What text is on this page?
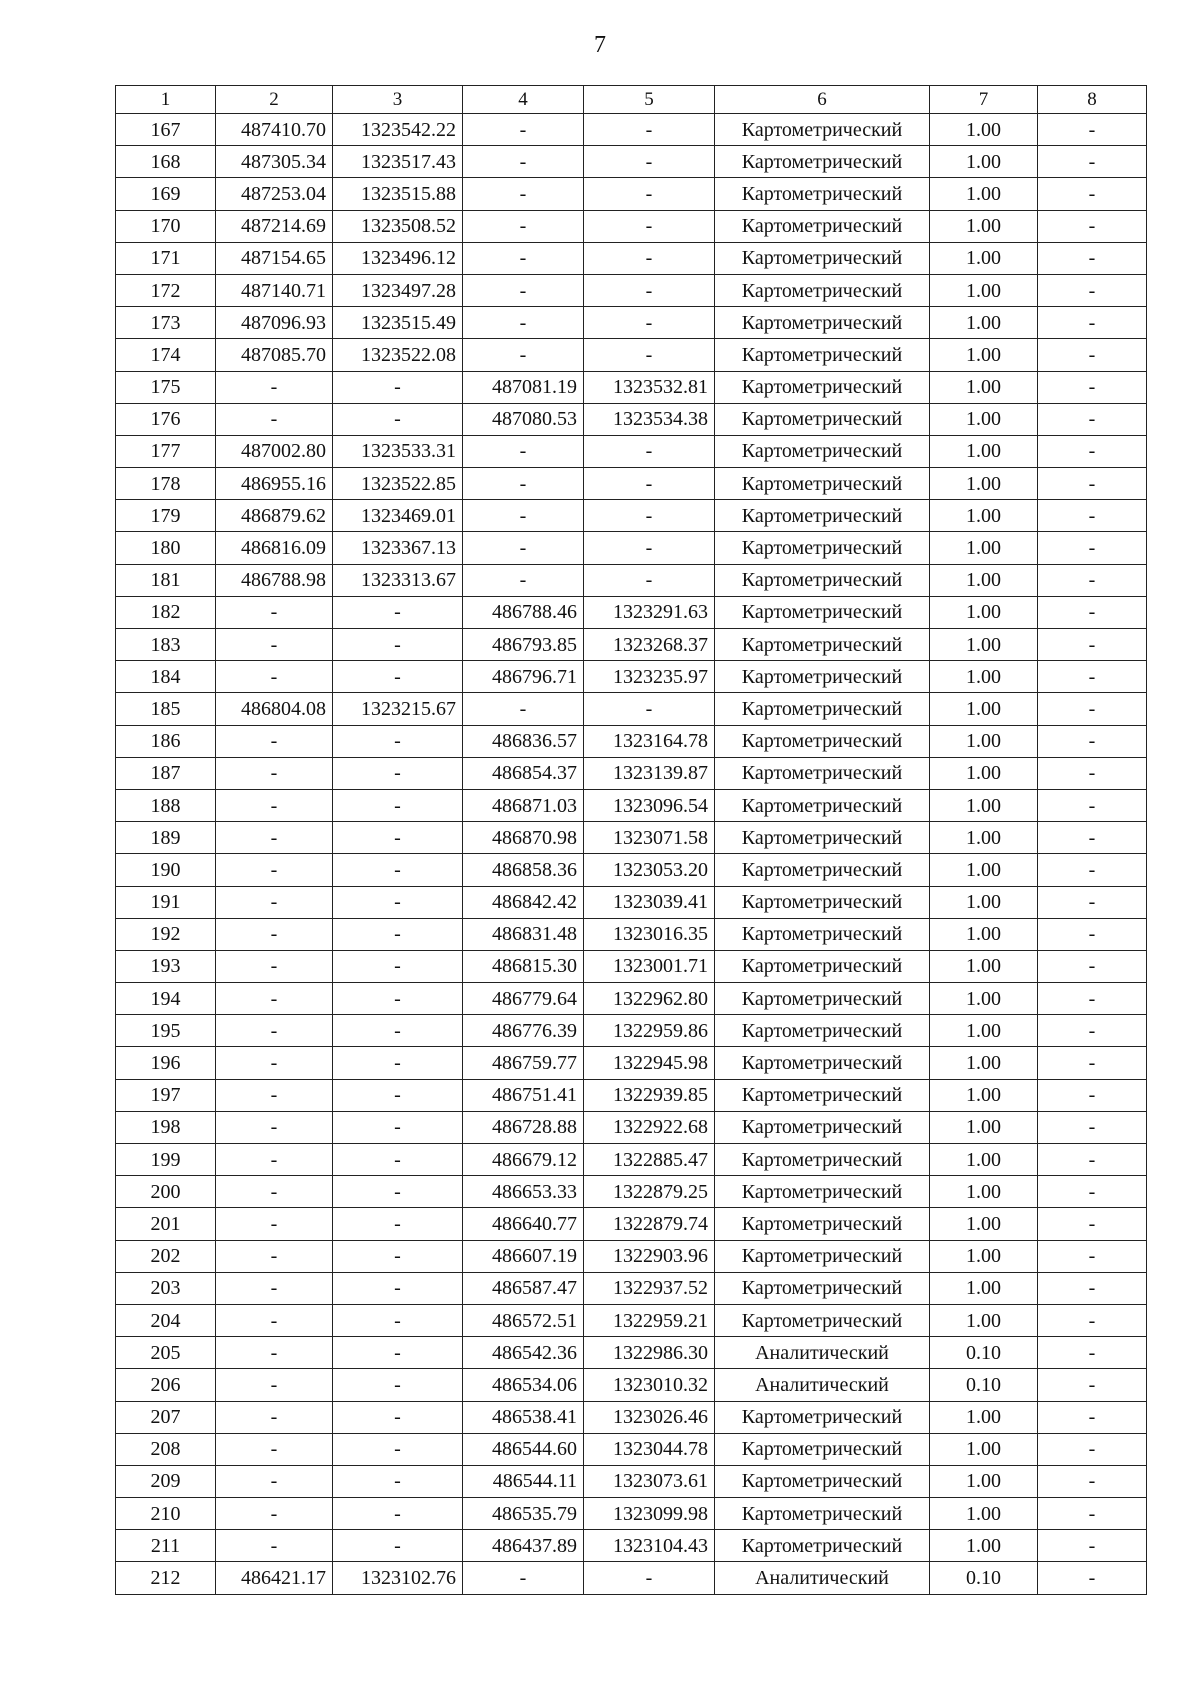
7
1	2	3	4	5	6	7	8
167	487410.70	1323542.22	-	-	Картометрический	1.00	-
168	487305.34	1323517.43	-	-	Картометрический	1.00	-
169	487253.04	1323515.88	-	-	Картометрический	1.00	-
170	487214.69	1323508.52	-	-	Картометрический	1.00	-
171	487154.65	1323496.12	-	-	Картометрический	1.00	-
172	487140.71	1323497.28	-	-	Картометрический	1.00	-
173	487096.93	1323515.49	-	-	Картометрический	1.00	-
174	487085.70	1323522.08	-	-	Картометрический	1.00	-
175	-	-	487081.19	1323532.81	Картометрический	1.00	-
176	-	-	487080.53	1323534.38	Картометрический	1.00	-
177	487002.80	1323533.31	-	-	Картометрический	1.00	-
178	486955.16	1323522.85	-	-	Картометрический	1.00	-
179	486879.62	1323469.01	-	-	Картометрический	1.00	-
180	486816.09	1323367.13	-	-	Картометрический	1.00	-
181	486788.98	1323313.67	-	-	Картометрический	1.00	-
182	-	-	486788.46	1323291.63	Картометрический	1.00	-
183	-	-	486793.85	1323268.37	Картометрический	1.00	-
184	-	-	486796.71	1323235.97	Картометрический	1.00	-
185	486804.08	1323215.67	-	-	Картометрический	1.00	-
186	-	-	486836.57	1323164.78	Картометрический	1.00	-
187	-	-	486854.37	1323139.87	Картометрический	1.00	-
188	-	-	486871.03	1323096.54	Картометрический	1.00	-
189	-	-	486870.98	1323071.58	Картометрический	1.00	-
190	-	-	486858.36	1323053.20	Картометрический	1.00	-
191	-	-	486842.42	1323039.41	Картометрический	1.00	-
192	-	-	486831.48	1323016.35	Картометрический	1.00	-
193	-	-	486815.30	1323001.71	Картометрический	1.00	-
194	-	-	486779.64	1322962.80	Картометрический	1.00	-
195	-	-	486776.39	1322959.86	Картометрический	1.00	-
196	-	-	486759.77	1322945.98	Картометрический	1.00	-
197	-	-	486751.41	1322939.85	Картометрический	1.00	-
198	-	-	486728.88	1322922.68	Картометрический	1.00	-
199	-	-	486679.12	1322885.47	Картометрический	1.00	-
200	-	-	486653.33	1322879.25	Картометрический	1.00	-
201	-	-	486640.77	1322879.74	Картометрический	1.00	-
202	-	-	486607.19	1322903.96	Картометрический	1.00	-
203	-	-	486587.47	1322937.52	Картометрический	1.00	-
204	-	-	486572.51	1322959.21	Картометрический	1.00	-
205	-	-	486542.36	1322986.30	Аналитический	0.10	-
206	-	-	486534.06	1323010.32	Аналитический	0.10	-
207	-	-	486538.41	1323026.46	Картометрический	1.00	-
208	-	-	486544.60	1323044.78	Картометрический	1.00	-
209	-	-	486544.11	1323073.61	Картометрический	1.00	-
210	-	-	486535.79	1323099.98	Картометрический	1.00	-
211	-	-	486437.89	1323104.43	Картометрический	1.00	-
212	486421.17	1323102.76	-	-	Аналитический	0.10	-
